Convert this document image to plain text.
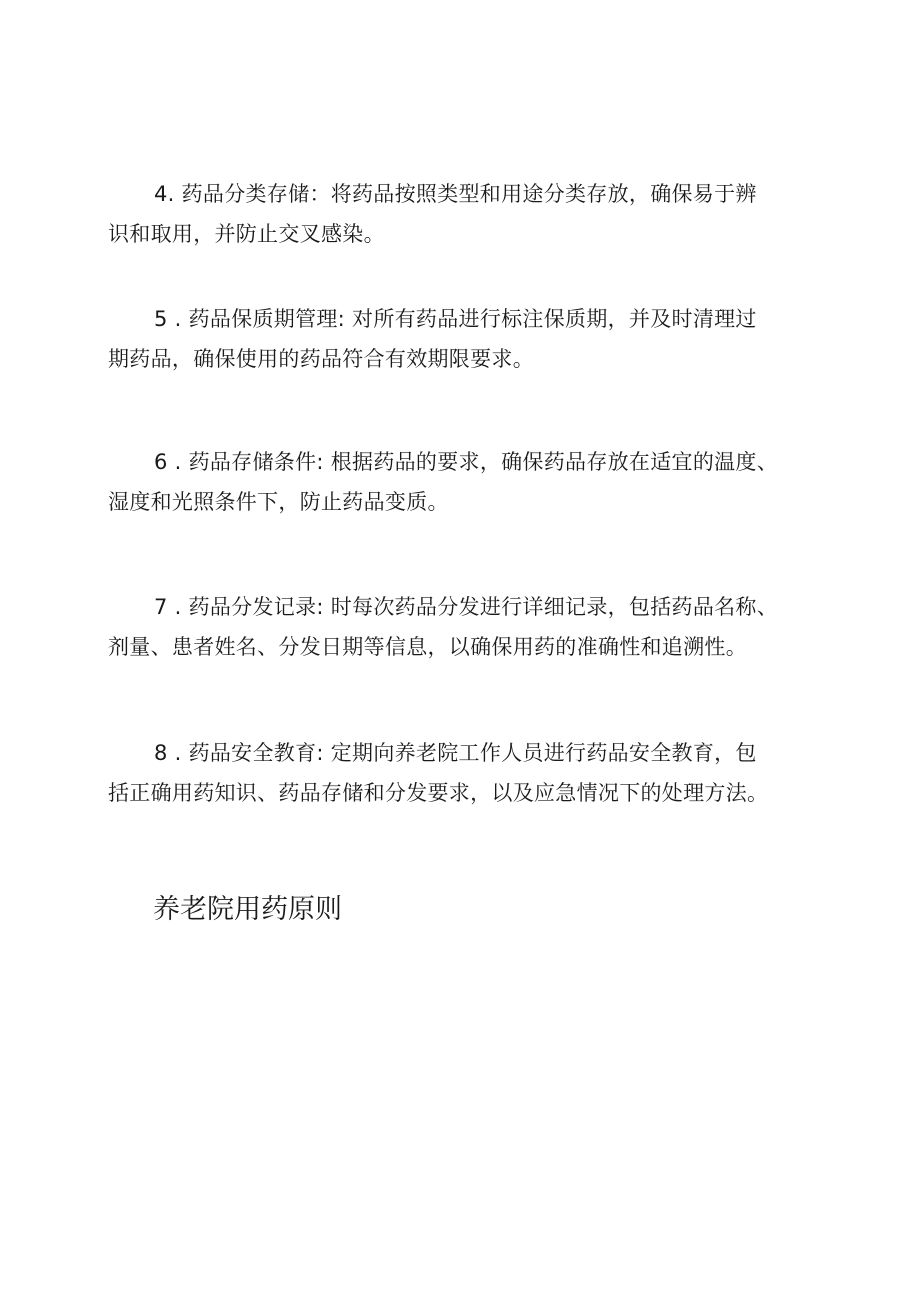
4. 药品分类存储：将药品按照类型和用途分类存放，确保易于辨
识和取用，并防止交叉感染。
5 . 药品保质期管理: 对所有药品进行标注保质期，并及时清理过
期药品，确保使用的药品符合有效期限要求。
6 . 药品存储条件: 根据药品的要求，确保药品存放在适宜的温度、
湿度和光照条件下，防止药品变质。
7 . 药品分发记录: 时每次药品分发进行详细记录，包括药品名称、
剂量、患者姓名、分发日期等信息，以确保用药的准确性和追溯性。
8 . 药品安全教育: 定期向养老院工作人员进行药品安全教育，包
括正确用药知识、药品存储和分发要求，以及应急情况下的处理方法。
养老院用药原则
